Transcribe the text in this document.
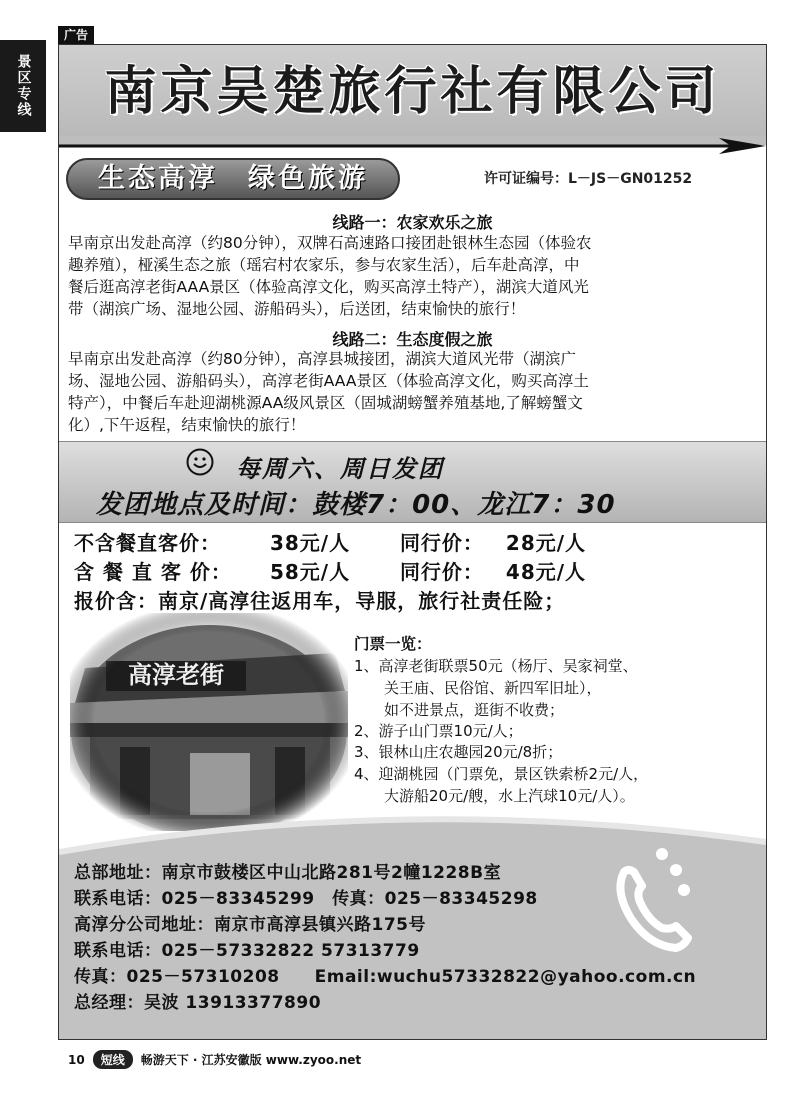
景区专线
广告
南京吴楚旅行社有限公司
生态高淳　绿色旅游	许可证编号：L－JS－GN01252
线路一：农家欢乐之旅
早南京出发赴高淳（约80分钟），双牌石高速路口接团赴银林生态园（体验农
趣养殖），桠溪生态之旅（瑶宕村农家乐，参与农家生活），后车赴高淳，中
餐后逛高淳老街AAA景区（体验高淳文化，购买高淳土特产），湖滨大道风光
带（湖滨广场、湿地公园、游船码头），后送团，结束愉快的旅行！
线路二：生态度假之旅
早南京出发赴高淳（约80分钟），高淳县城接团，湖滨大道风光带（湖滨广
场、湿地公园、游船码头），高淳老街AAA景区（体验高淳文化，购买高淳土
特产），中餐后车赴迎湖桃源AA级风景区（固城湖螃蟹养殖基地,了解螃蟹文
化）,下午返程，结束愉快的旅行！
每周六、周日发团
发团地点及时间：鼓楼7：00、龙江7：30
不含餐直客价： 38元/人 同行价： 28元/人
含 餐 直 客 价： 58元/人 同行价： 48元/人
报价含：南京/高淳往返用车，导服，旅行社责任险；
高淳老街
门票一览：
1、高淳老街联票50元（杨厅、吴家祠堂、
　　关王庙、民俗馆、新四军旧址），
　　如不进景点，逛街不收费；
2、游子山门票10元/人；
3、银林山庄农趣园20元/8折；
4、迎湖桃园（门票免，景区铁索桥2元/人，
　　大游船20元/艘，水上汽球10元/人）。
总部地址：南京市鼓楼区中山北路281号2幢1228B室
联系电话：025－83345299　传真：025－83345298
高淳分公司地址：南京市高淳县镇兴路175号
联系电话：025－57332822 57313779
传真：025－57310208　　Email:wuchu57332822@yahoo.com.cn
总经理：吴波 13913377890
10	短线	畅游天下 · 江苏安徽版 www.zyoo.net
